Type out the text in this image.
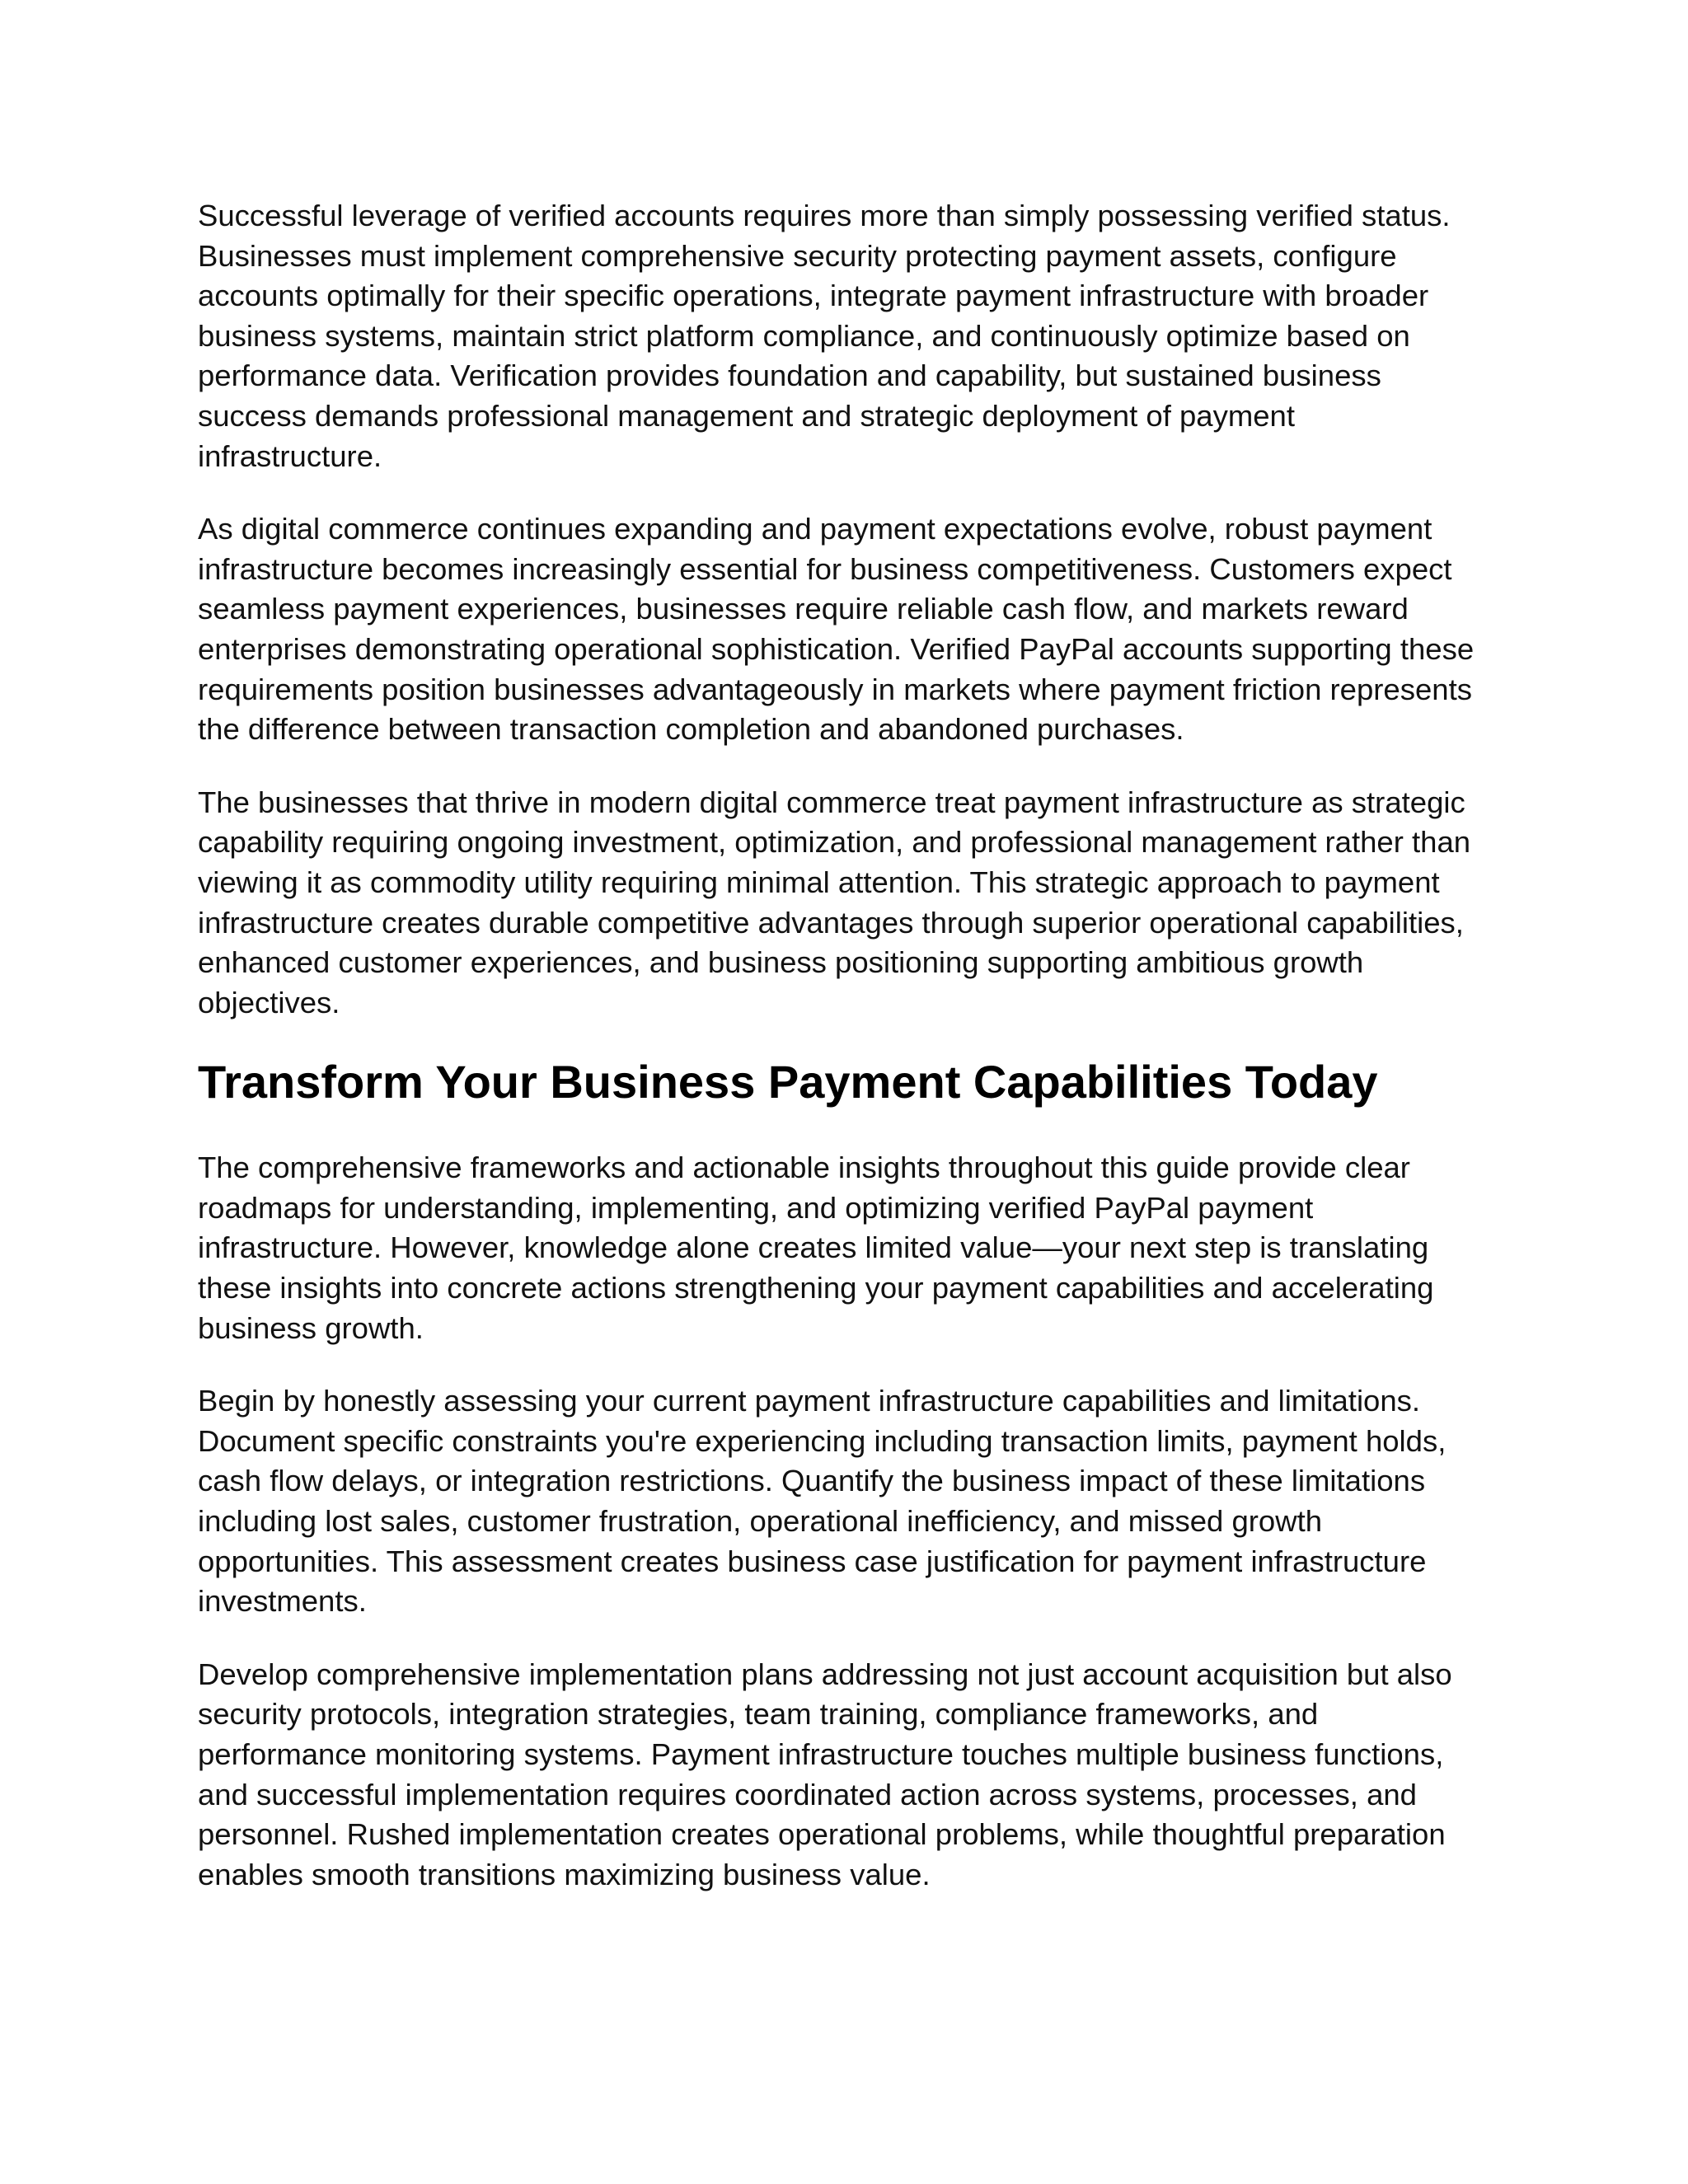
Successful leverage of verified accounts requires more than simply possessing verified status.
Businesses must implement comprehensive security protecting payment assets, configure
accounts optimally for their specific operations, integrate payment infrastructure with broader
business systems, maintain strict platform compliance, and continuously optimize based on
performance data. Verification provides foundation and capability, but sustained business
success demands professional management and strategic deployment of payment
infrastructure.

As digital commerce continues expanding and payment expectations evolve, robust payment
infrastructure becomes increasingly essential for business competitiveness. Customers expect
seamless payment experiences, businesses require reliable cash flow, and markets reward
enterprises demonstrating operational sophistication. Verified PayPal accounts supporting these
requirements position businesses advantageously in markets where payment friction represents
the difference between transaction completion and abandoned purchases.

The businesses that thrive in modern digital commerce treat payment infrastructure as strategic
capability requiring ongoing investment, optimization, and professional management rather than
viewing it as commodity utility requiring minimal attention. This strategic approach to payment
infrastructure creates durable competitive advantages through superior operational capabilities,
enhanced customer experiences, and business positioning supporting ambitious growth
objectives.

Transform Your Business Payment Capabilities Today

The comprehensive frameworks and actionable insights throughout this guide provide clear
roadmaps for understanding, implementing, and optimizing verified PayPal payment
infrastructure. However, knowledge alone creates limited value—your next step is translating
these insights into concrete actions strengthening your payment capabilities and accelerating
business growth.

Begin by honestly assessing your current payment infrastructure capabilities and limitations.
Document specific constraints you're experiencing including transaction limits, payment holds,
cash flow delays, or integration restrictions. Quantify the business impact of these limitations
including lost sales, customer frustration, operational inefficiency, and missed growth
opportunities. This assessment creates business case justification for payment infrastructure
investments.

Develop comprehensive implementation plans addressing not just account acquisition but also
security protocols, integration strategies, team training, compliance frameworks, and
performance monitoring systems. Payment infrastructure touches multiple business functions,
and successful implementation requires coordinated action across systems, processes, and
personnel. Rushed implementation creates operational problems, while thoughtful preparation
enables smooth transitions maximizing business value.
